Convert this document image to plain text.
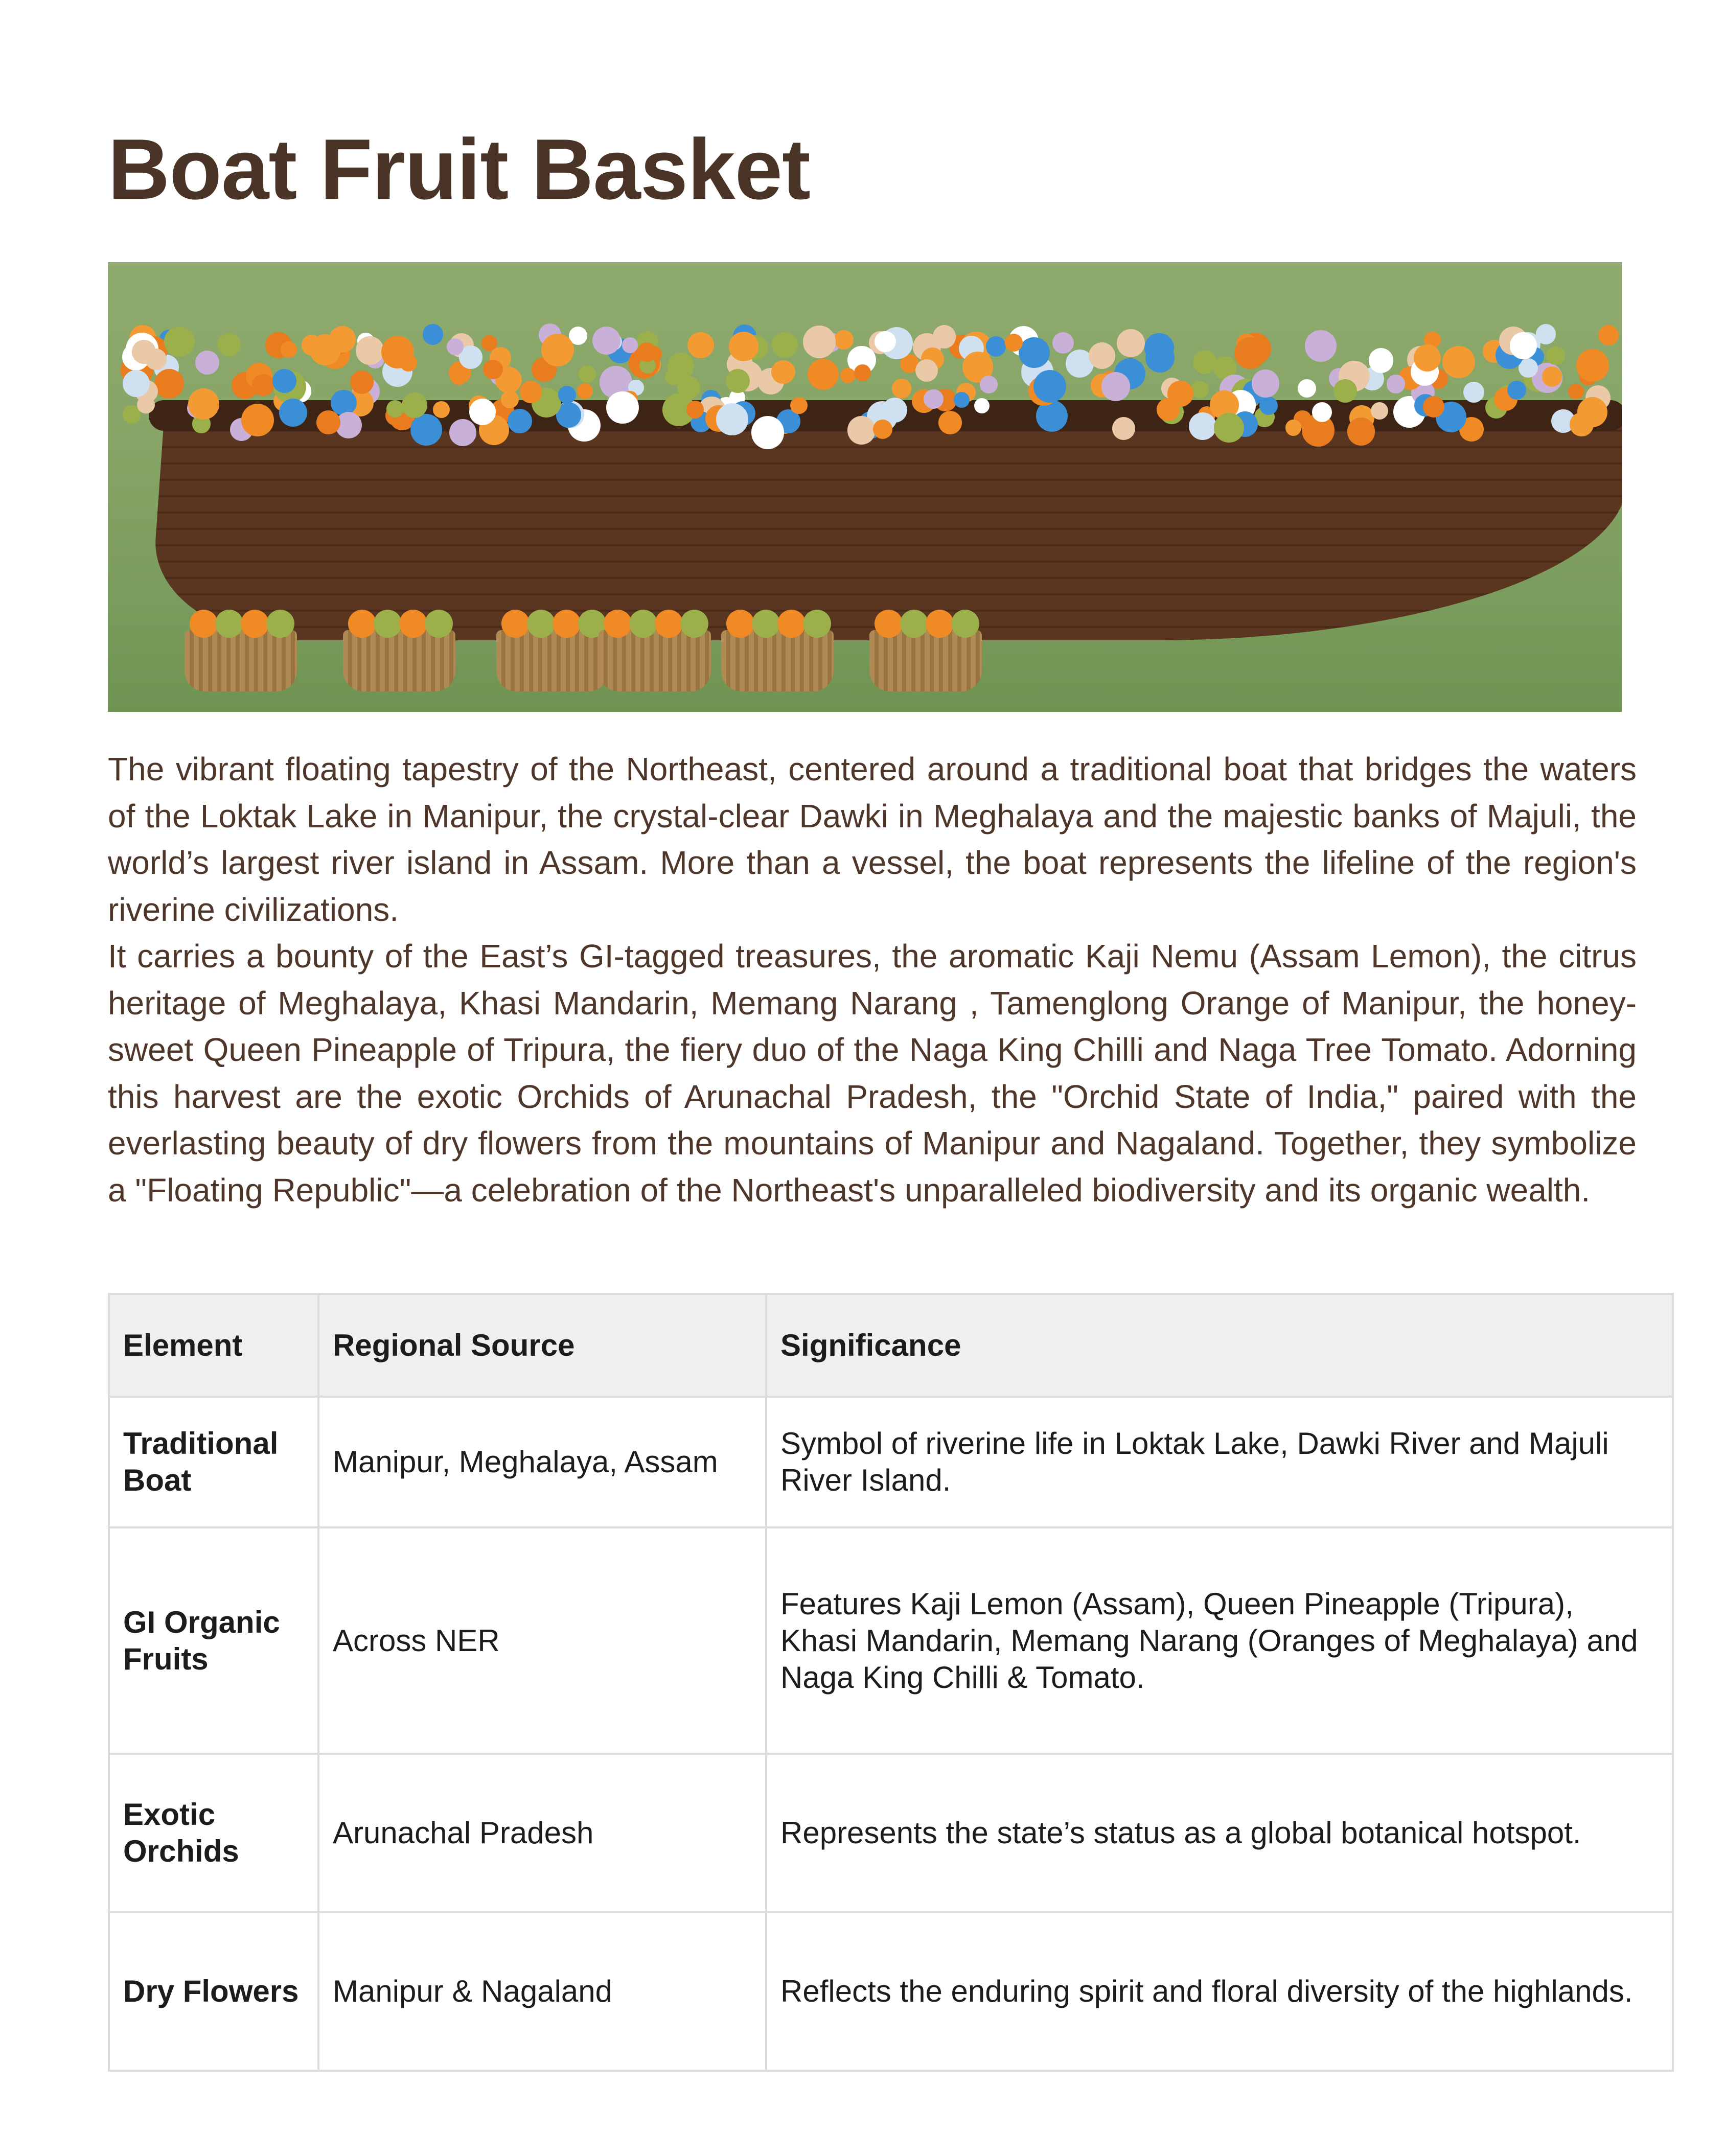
Boat Fruit Basket

The vibrant floating tapestry of the Northeast, centered around a traditional boat that bridges the waters of the Loktak Lake in Manipur, the crystal-clear Dawki in Meghalaya and the majestic banks of Majuli, the world’s largest river island in Assam. More than a vessel, the boat represents the lifeline of the region's riverine civilizations.

It carries a bounty of the East’s GI-tagged treasures, the aromatic Kaji Nemu (Assam Lemon), the citrus heritage of Meghalaya, Khasi Mandarin, Memang Narang , Tamenglong Orange of Manipur, the honey-sweet Queen Pineapple of Tripura, the fiery duo of the Naga King Chilli and Naga Tree Tomato. Adorning this harvest are the exotic Orchids of Arunachal Pradesh, the "Orchid State of India," paired with the everlasting beauty of dry flowers from the mountains of Manipur and Nagaland. Together, they symbolize a "Floating Republic"—a celebration of the Northeast's unparalleled biodiversity and its organic wealth.

Element	Regional Source	Significance
Traditional Boat	Manipur, Meghalaya, Assam	Symbol of riverine life in Loktak Lake, Dawki River and Majuli River Island.
GI Organic Fruits	Across NER	Features Kaji Lemon (Assam), Queen Pineapple (Tripura), Khasi Mandarin, Memang Narang (Oranges of Meghalaya) and Naga King Chilli & Tomato.
Exotic Orchids	Arunachal Pradesh	Represents the state’s status as a global botanical hotspot.
Dry Flowers	Manipur & Nagaland	Reflects the enduring spirit and floral diversity of the highlands.
